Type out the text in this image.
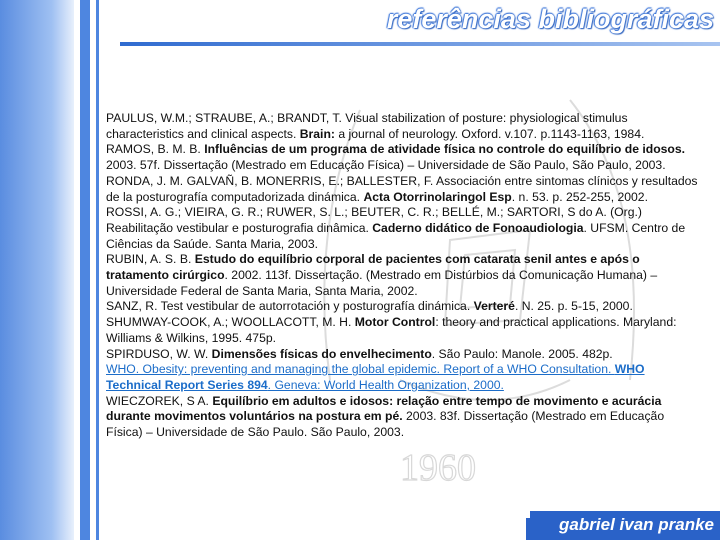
referências bibliográficas
1960

PAULUS, W.M.; STRAUBE, A.; BRANDT, T. Visual stabilization of posture: physiological stimulus characteristics and clinical aspects. Brain: a journal of neurology. Oxford. v.107. p.1143-1163, 1984.

RAMOS, B. M. B. Influências de um programa de atividade física no controle do equilíbrio de idosos. 2003. 57f. Dissertação (Mestrado em Educação Física) – Universidade de São Paulo, São Paulo, 2003.

RONDA, J. M. GALVAÑ, B. MONERRIS, E.; BALLESTER, F. Associación entre sintomas clínicos y resultados de la posturografía computadorizada dinámica. Acta Otorrinolaringol Esp. n. 53. p. 252-255, 2002.

ROSSI, A. G.; VIEIRA, G. R.; RUWER, S. L.; BEUTER, C. R.; BELLÉ, M.; SARTORI, S do A. (Org.) Reabilitação vestibular e posturografia dinâmica. Caderno didático de Fonoaudiologia. UFSM. Centro de Ciências da Saúde. Santa Maria, 2003.

RUBIN, A. S. B. Estudo do equilíbrio corporal de pacientes com catarata senil antes e após o tratamento cirúrgico. 2002. 113f. Dissertação. (Mestrado em Distúrbios da Comunicação Humana) – Universidade Federal de Santa Maria, Santa Maria, 2002.

SANZ, R. Test vestibular de autorrotación y posturografía dinámica. Verteré. N. 25. p. 5-15, 2000.

SHUMWAY-COOK, A.; WOOLLACOTT, M. H. Motor Control: theory and practical applications. Maryland: Williams & Wilkins, 1995. 475p.

SPIRDUSO, W. W. Dimensões físicas do envelhecimento. São Paulo: Manole. 2005. 482p.

WHO. Obesity: preventing and managing the global epidemic. Report of a WHO Consultation. WHO Technical Report Series 894. Geneva: World Health Organization, 2000.

WIECZOREK, S A. Equilíbrio em adultos e idosos: relação entre tempo de movimento e acurácia durante movimentos voluntários na postura em pé. 2003. 83f. Dissertação (Mestrado em Educação Física) – Universidade de São Paulo. São Paulo, 2003.

gabriel ivan pranke
